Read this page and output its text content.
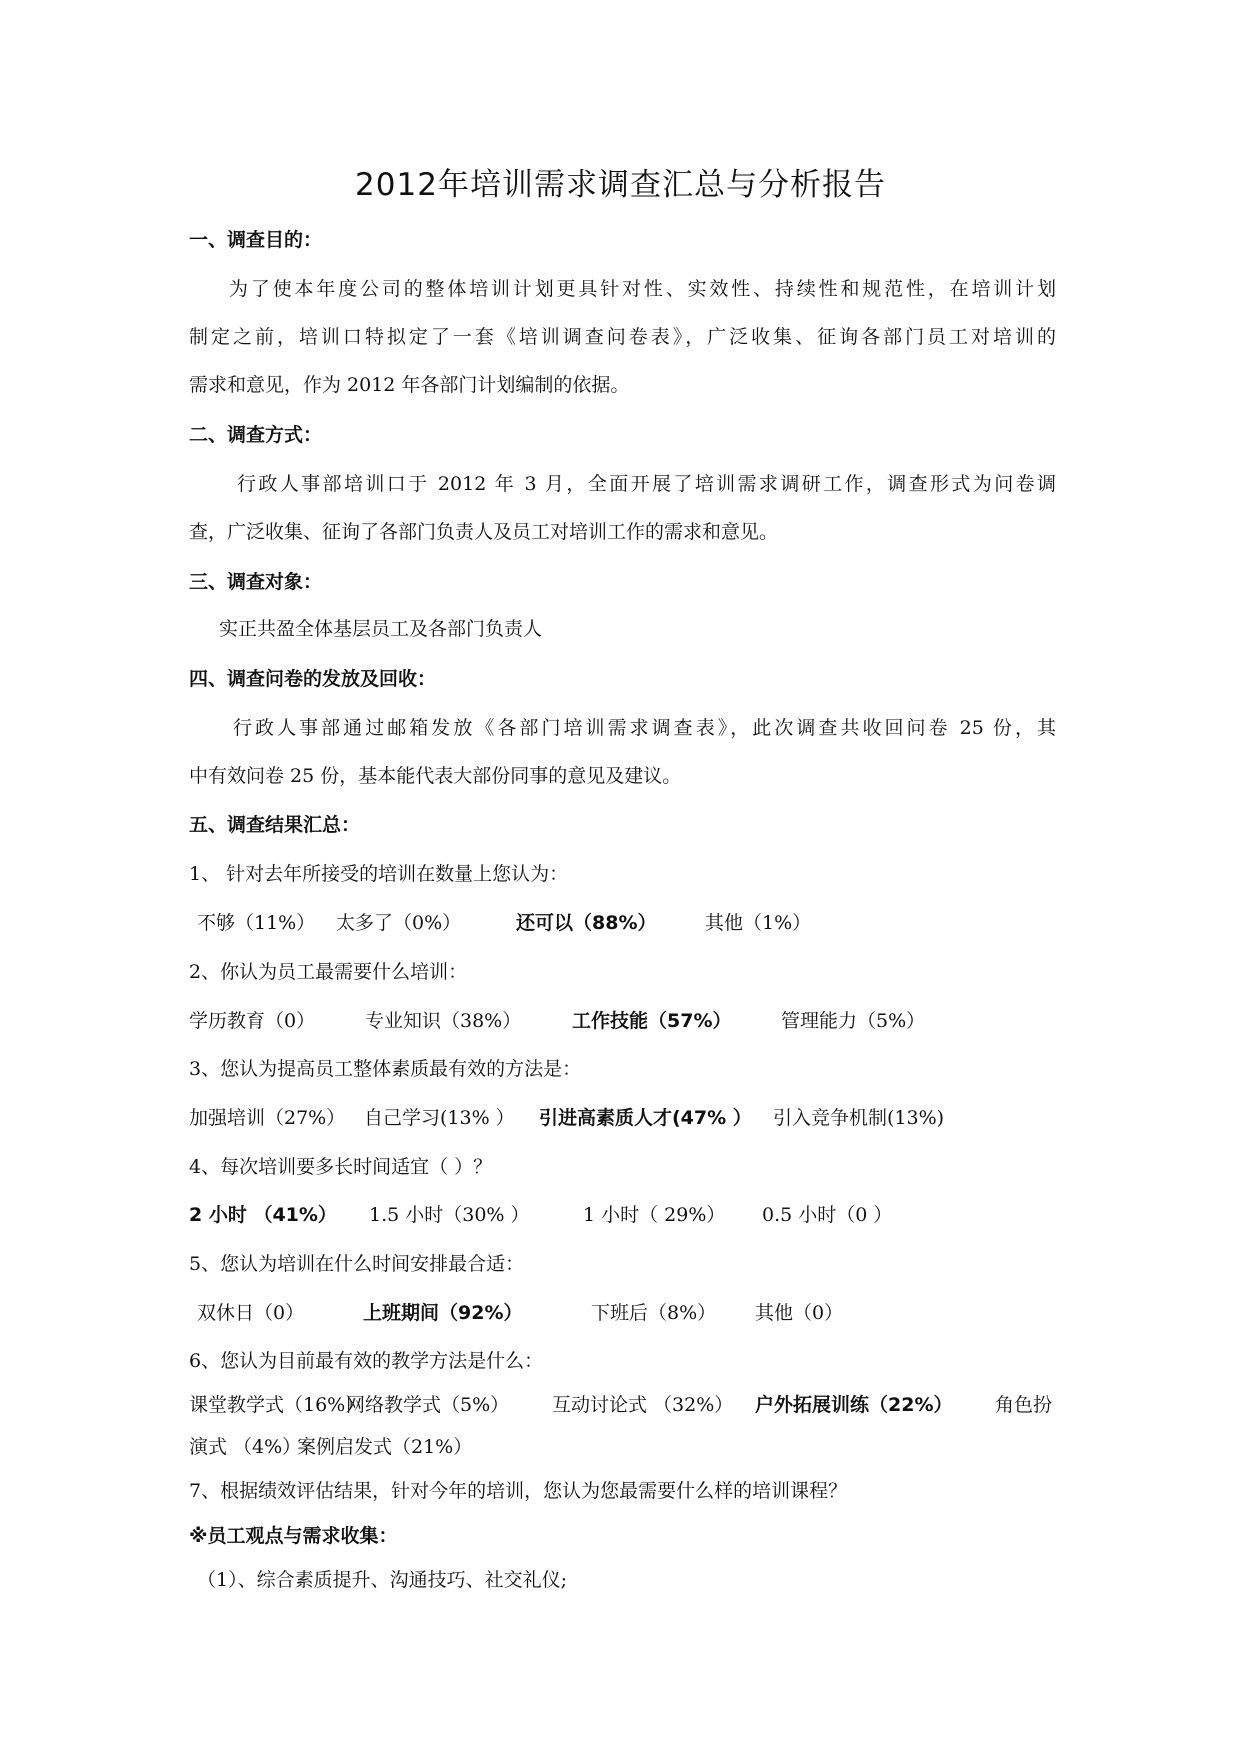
2012年培训需求调查汇总与分析报告
一、调查目的：
为了使本年度公司的整体培训计划更具针对性、实效性、持续性和规范性，在培训计划
制定之前，培训口特拟定了一套《培训调查问卷表》，广泛收集、征询各部门员工对培训的
需求和意见，作为 2012 年各部门计划编制的依据。
二、调查方式：
行政人事部培训口于 2012 年 3 月，全面开展了培训需求调研工作，调查形式为问卷调
查，广泛收集、征询了各部门负责人及员工对培训工作的需求和意见。
三、调查对象：
实正共盈全体基层员工及各部门负责人
四、调查问卷的发放及回收：
行政人事部通过邮箱发放《各部门培训需求调查表》，此次调查共收回问卷 25 份，其
中有效问卷 25 份，基本能代表大部份同事的意见及建议。
五、调查结果汇总：
1、 针对去年所接受的培训在数量上您认为：
不够（11%） 太多了（0%）	还可以（88%）	其他（1%）
2、你认为员工最需要什么培训：
学历教育（0）	专业知识（38%）	工作技能（57%）	管理能力（5%）
3、您认为提高员工整体素质最有效的方法是：
加强培训（27%） 自己学习(13% ） 引进高素质人才(47% ） 引入竞争机制(13%)
4、每次培训要多长时间适宜（ ）？
2 小时 （41%） 1.5 小时（30% ）	1 小时（ 29%） 0.5 小时（0 ）
5、您认为培训在什么时间安排最合适：
双休日（0）	上班期间（92%）	下班后（8%） 其他（0）
6、您认为目前最有效的教学方法是什么：
课堂教学式（16%）
网络教学式（5%） 互动讨论式 （32%） 户外拓展训练（22%） 角色扮
演式 （4%）
案例启发式（21%）
7、根据绩效评估结果，针对今年的培训，您认为您最需要什么样的培训课程？
※员工观点与需求收集：
（1）、综合素质提升、沟通技巧、社交礼仪;
